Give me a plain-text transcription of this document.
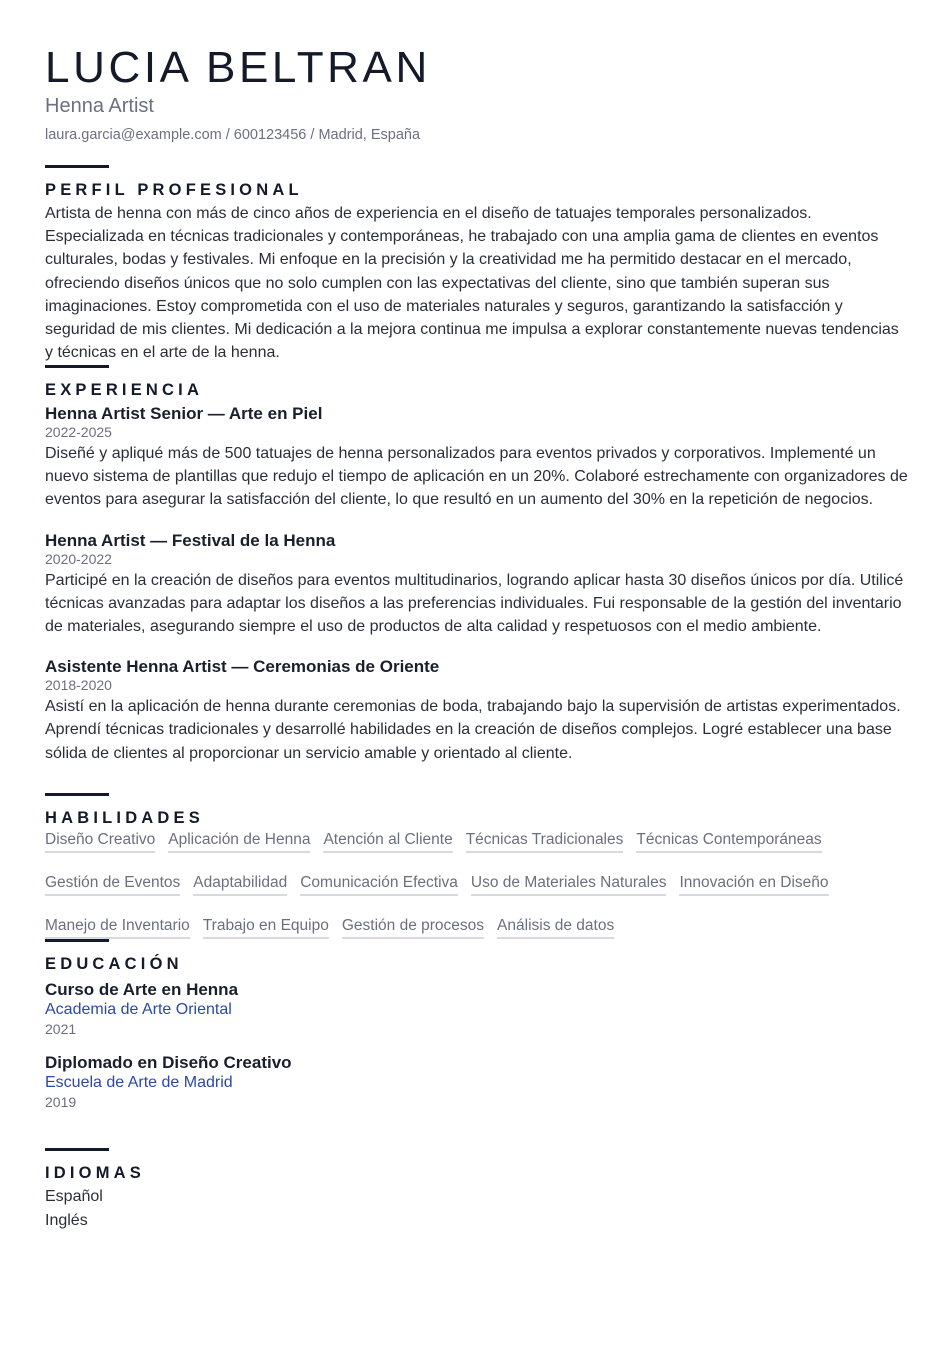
LUCIA BELTRAN
Henna Artist
laura.garcia@example.com / 600123456 / Madrid, España
PERFIL PROFESIONAL

Artista de henna con más de cinco años de experiencia en el diseño de tatuajes temporales personalizados. Especializada en técnicas tradicionales y contemporáneas, he trabajado con una amplia gama de clientes en eventos culturales, bodas y festivales. Mi enfoque en la precisión y la creatividad me ha permitido destacar en el mercado, ofreciendo diseños únicos que no solo cumplen con las expectativas del cliente, sino que también superan sus imaginaciones. Estoy comprometida con el uso de materiales naturales y seguros, garantizando la satisfacción y seguridad de mis clientes. Mi dedicación a la mejora continua me impulsa a explorar constantemente nuevas tendencias y técnicas en el arte de la henna.

EXPERIENCIA
Henna Artist Senior — Arte en Piel
2022-2025
Diseñé y apliqué más de 500 tatuajes de henna personalizados para eventos privados y corporativos. Implementé un nuevo sistema de plantillas que redujo el tiempo de aplicación en un 20%. Colaboré estrechamente con organizadores de eventos para asegurar la satisfacción del cliente, lo que resultó en un aumento del 30% en la repetición de negocios.
Henna Artist — Festival de la Henna
2020-2022
Participé en la creación de diseños para eventos multitudinarios, logrando aplicar hasta 30 diseños únicos por día. Utilicé técnicas avanzadas para adaptar los diseños a las preferencias individuales. Fui responsable de la gestión del inventario de materiales, asegurando siempre el uso de productos de alta calidad y respetuosos con el medio ambiente.
Asistente Henna Artist — Ceremonias de Oriente
2018-2020
Asistí en la aplicación de henna durante ceremonias de boda, trabajando bajo la supervisión de artistas experimentados. Aprendí técnicas tradicionales y desarrollé habilidades en la creación de diseños complejos. Logré establecer una base sólida de clientes al proporcionar un servicio amable y orientado al cliente.
HABILIDADES
Diseño Creativo Aplicación de Henna Atención al Cliente Técnicas Tradicionales Técnicas Contemporáneas
Gestión de Eventos Adaptabilidad Comunicación Efectiva Uso de Materiales Naturales Innovación en Diseño
Manejo de Inventario Trabajo en Equipo Gestión de procesos Análisis de datos
EDUCACIÓN
Curso de Arte en Henna
Academia de Arte Oriental
2021
Diplomado en Diseño Creativo
Escuela de Arte de Madrid
2019
IDIOMAS
Español
Inglés
